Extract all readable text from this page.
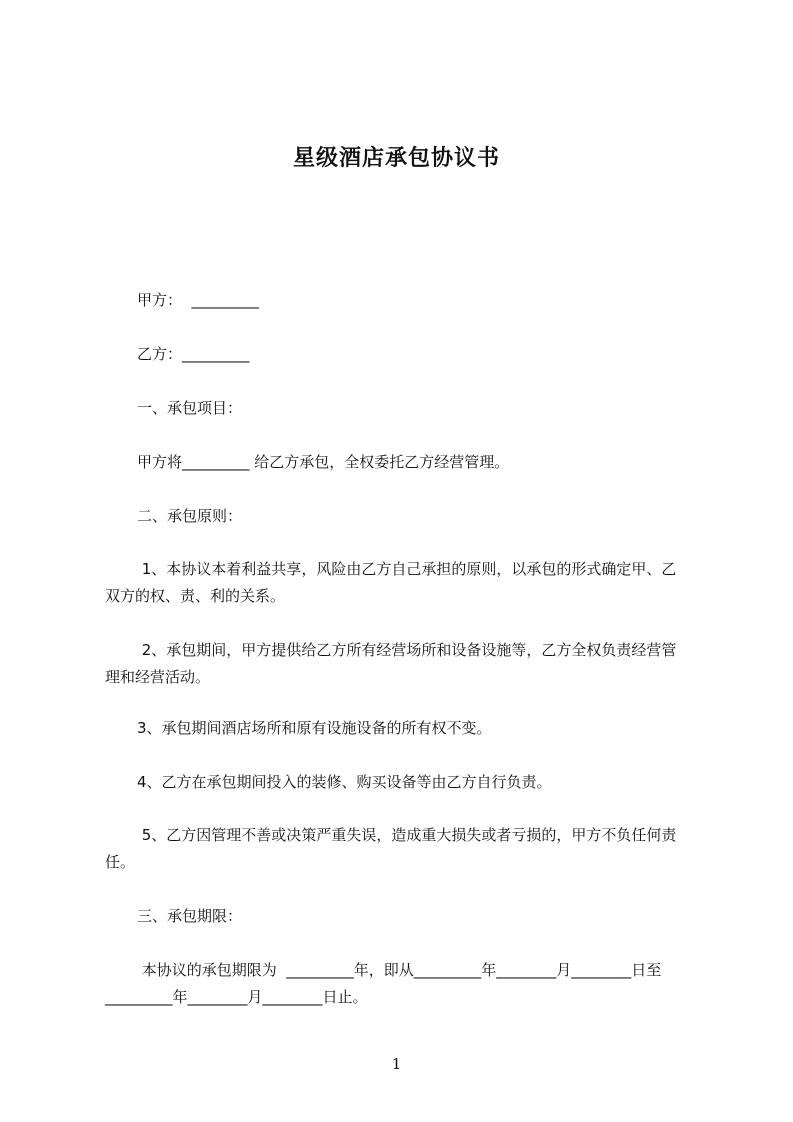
星级酒店承包协议书
甲方：  _________
乙方：_________
一、承包项目：
甲方将_________ 给乙方承包，全权委托乙方经营管理。
二、承包原则：
1、本协议本着利益共享，风险由乙方自己承担的原则，以承包的形式确定甲、乙
双方的权、责、利的关系。
2、承包期间，甲方提供给乙方所有经营场所和设备设施等，乙方全权负责经营管
理和经营活动。
3、承包期间酒店场所和原有设施设备的所有权不变。
4、乙方在承包期间投入的装修、购买设备等由乙方自行负责。
5、乙方因管理不善或决策严重失误，造成重大损失或者亏损的，甲方不负任何责
任。
三、承包期限：
本协议的承包期限为  _________年，即从_________年________月________日至
_________年________月________日止。
1
